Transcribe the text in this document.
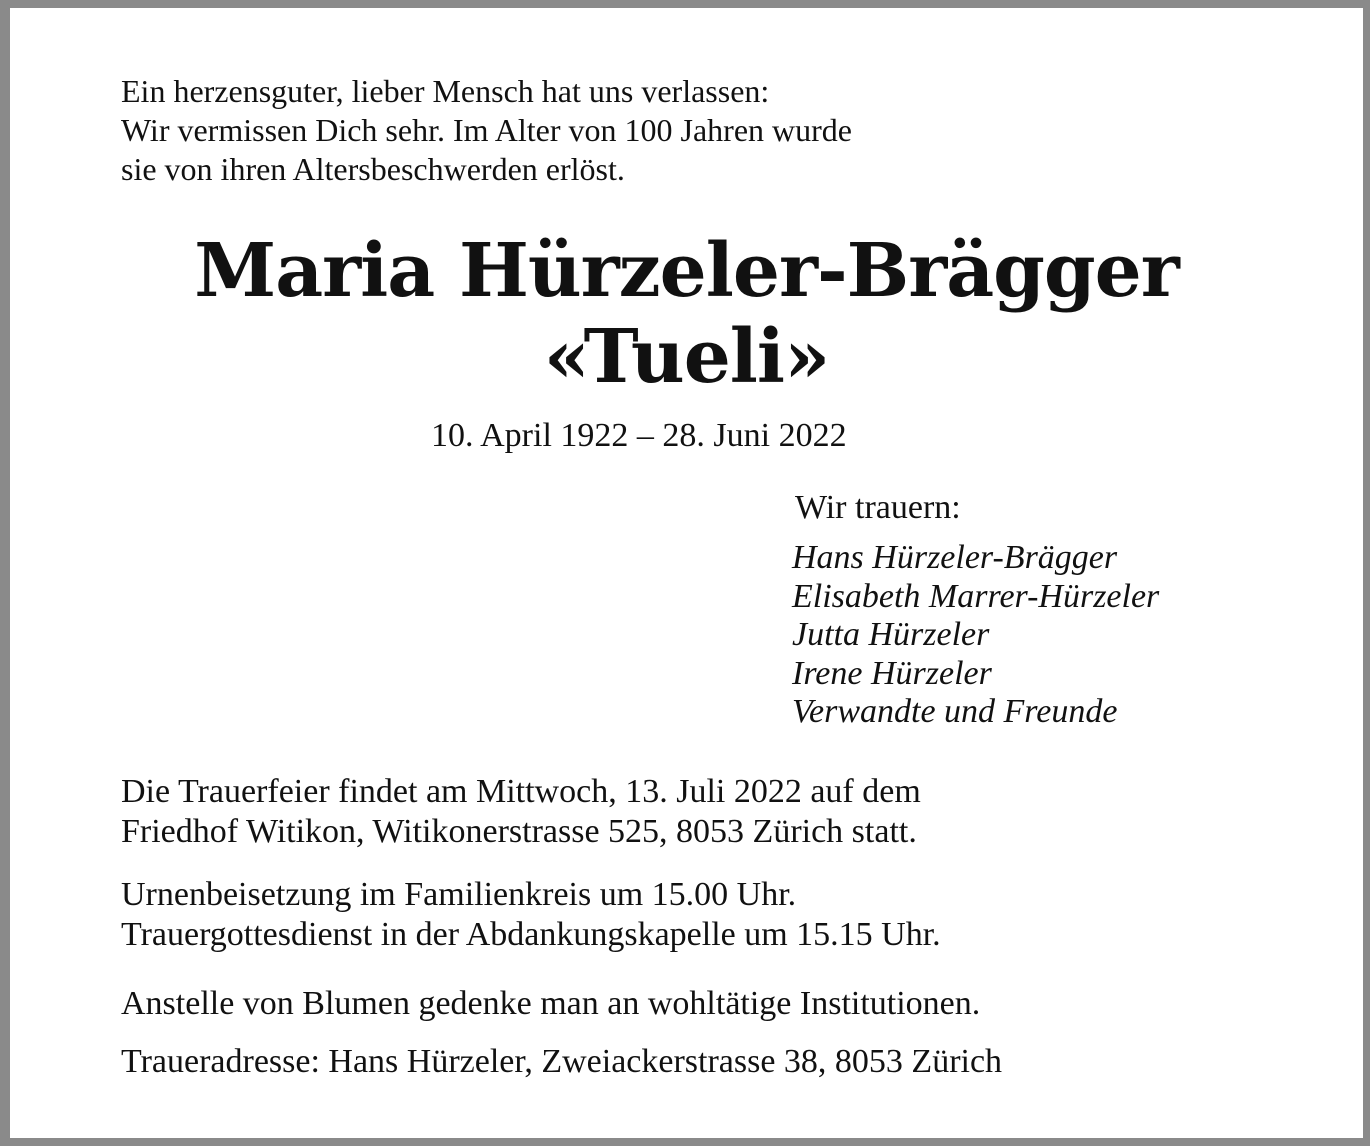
Ein herzensguter, lieber Mensch hat uns verlassen:
Wir vermissen Dich sehr. Im Alter von 100 Jahren wurde
sie von ihren Altersbeschwerden erlöst.
Maria Hürzeler-Brägger
«Tueli»
10. April 1922 – 28. Juni 2022
Wir trauern:
Hans Hürzeler-Brägger
Elisabeth Marrer-Hürzeler
Jutta Hürzeler
Irene Hürzeler
Verwandte und Freunde
Die Trauerfeier findet am Mittwoch, 13. Juli 2022 auf dem
Friedhof Witikon, Witikonerstrasse 525, 8053 Zürich statt.
Urnenbeisetzung im Familienkreis um 15.00 Uhr.
Trauergottesdienst in der Abdankungskapelle um 15.15 Uhr.
Anstelle von Blumen gedenke man an wohltätige Institutionen.
Traueradresse: Hans Hürzeler, Zweiackerstrasse 38, 8053 Zürich
